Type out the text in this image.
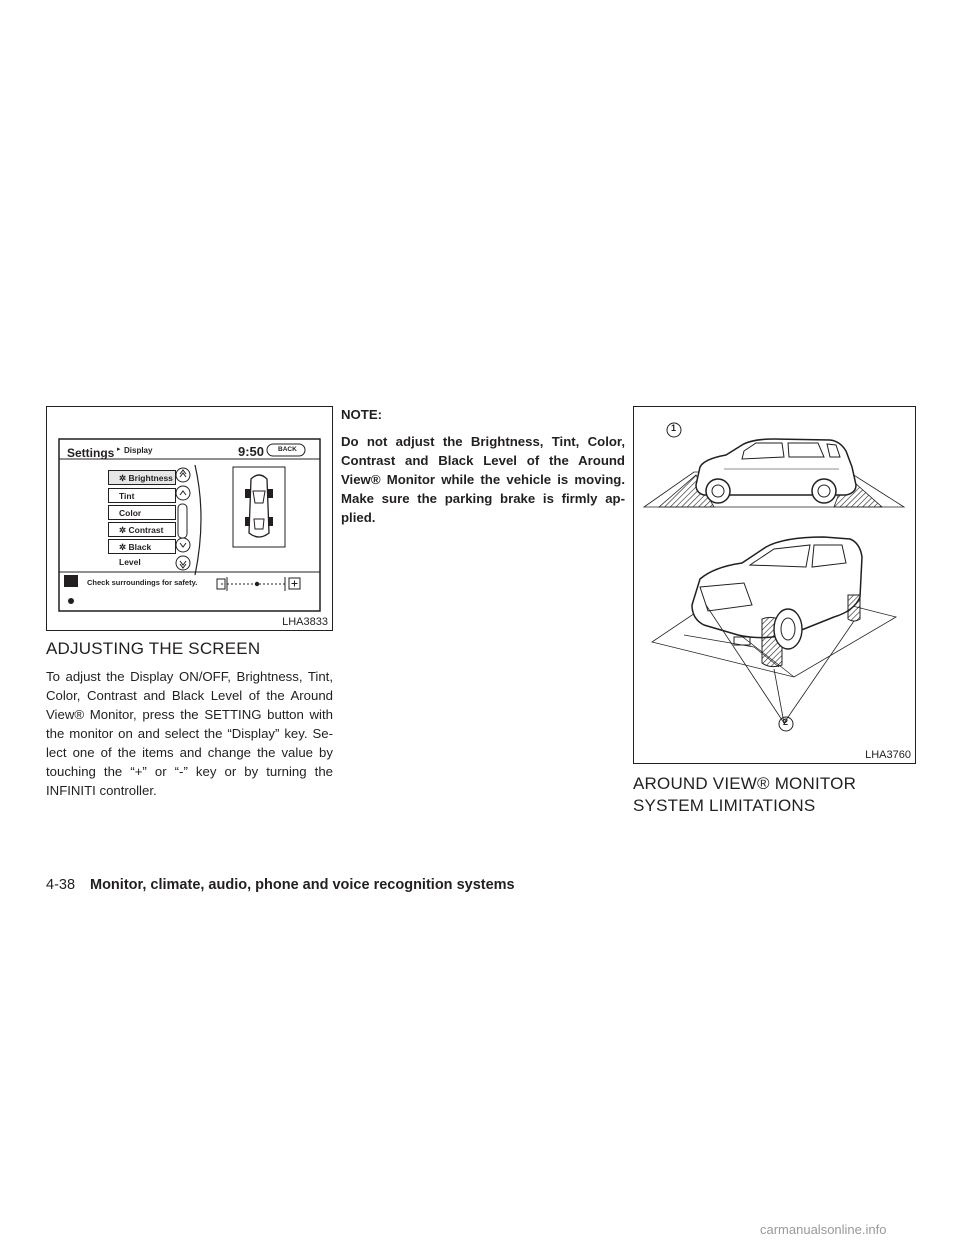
Settings ▸ Display	9:50 BACK
✲ Brightness
Tint
Color
✲ Contrast
✲ Black Level
Check surroundings for safety.
LHA3833
ADJUSTING THE SCREEN

To adjust the Display ON/OFF, Brightness, Tint, Color, Contrast and Black Level of the Around View® Monitor, press the SETTING button with the monitor on and select the “Display” key. Se- lect one of the items and change the value by touching the “+” or “-” key or by turning the INFINITI controller.

NOTE:

Do not adjust the Brightness, Tint, Color, Contrast and Black Level of the Around View® Monitor while the vehicle is moving. Make sure the parking brake is firmly ap- plied.

1
2
LHA3760
AROUND VIEW® MONITOR
SYSTEM LIMITATIONS
4-38 Monitor, climate, audio, phone and voice recognition systems
carmanualsonline.info
